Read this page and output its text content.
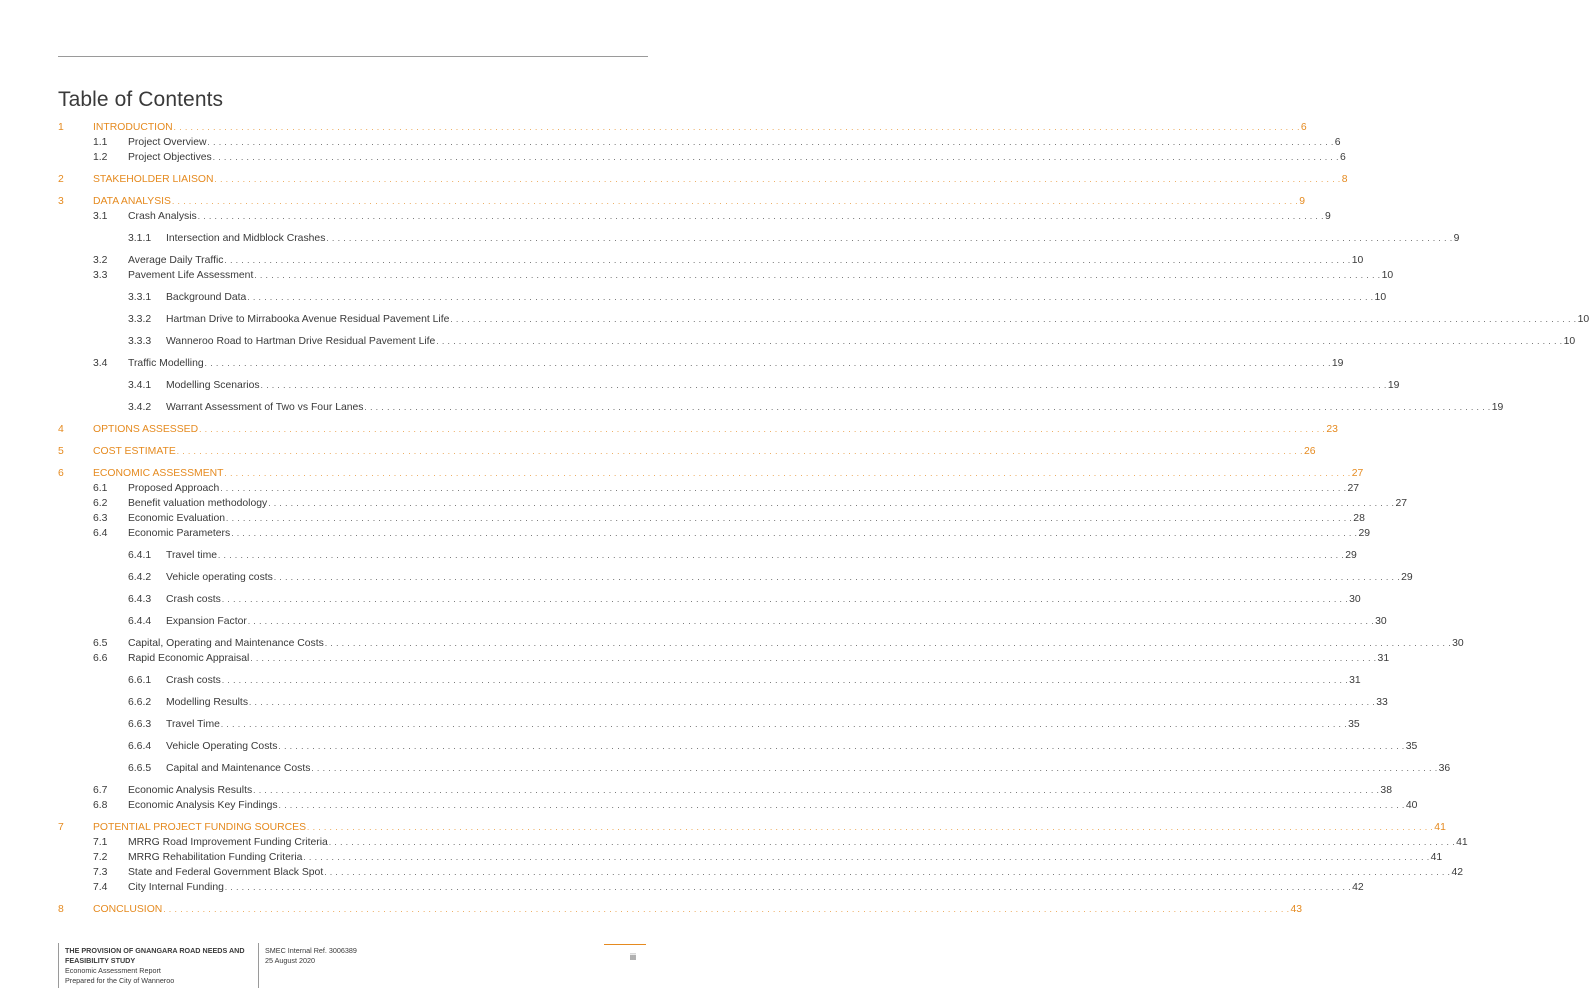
Table of Contents
1	INTRODUCTION . . . . . . . . . . . . . . . . . . . . . . . . . . . . . . . . . . . . . . . . . . . . . . . . . . . . . . . . . . . . . . . . . . . . . . . . . . . . . . . . . . . . . . . . . . . . . . . . . . . . . . . . . . . . . . . . . . . . . . . . . . . . . . . . . . . . . . . . . . . . . . . . . . . . . . . . . . . . . . . . . . . . . . . . . . . . . . . . . . . . . . . . . . . . . . . . . . . . . . . . 6
1.1	Project Overview . . . . . . . . . . . . . . . . . . . . . . . . . . . . . . . . . . . . . . . . . . . . . . . . . . . . . . . . . . . . . . . . . . . . . . . . . . . . . . . . . . . . . . . . . . . . . . . . . . . . . . . . . . . . . . . . . . . . . . . . . . . . . . . . . . . . . . . . . . . . . . . . . . . . . . . . . . . . . . . . . . . . . . . . . . . . . . . . . . . . . . . . . . . . . . . . . . . . . . . . 6
1.2	Project Objectives . . . . . . . . . . . . . . . . . . . . . . . . . . . . . . . . . . . . . . . . . . . . . . . . . . . . . . . . . . . . . . . . . . . . . . . . . . . . . . . . . . . . . . . . . . . . . . . . . . . . . . . . . . . . . . . . . . . . . . . . . . . . . . . . . . . . . . . . . . . . . . . . . . . . . . . . . . . . . . . . . . . . . . . . . . . . . . . . . . . . . . . . . . . . . . . . . . . . . . . . 6
2	STAKEHOLDER LIAISON . . . . . . . . . . . . . . . . . . . . . . . . . . . . . . . . . . . . . . . . . . . . . . . . . . . . . . . . . . . . . . . . . . . . . . . . . . . . . . . . . . . . . . . . . . . . . . . . . . . . . . . . . . . . . . . . . . . . . . . . . . . . . . . . . . . . . . . . . . . . . . . . . . . . . . . . . . . . . . . . . . . . . . . . . . . . . . . . . . . . . . . . . . . . . . . . . . . . . . . . 8
3	DATA ANALYSIS . . . . . . . . . . . . . . . . . . . . . . . . . . . . . . . . . . . . . . . . . . . . . . . . . . . . . . . . . . . . . . . . . . . . . . . . . . . . . . . . . . . . . . . . . . . . . . . . . . . . . . . . . . . . . . . . . . . . . . . . . . . . . . . . . . . . . . . . . . . . . . . . . . . . . . . . . . . . . . . . . . . . . . . . . . . . . . . . . . . . . . . . . . . . . . . . . . . . . . . . 9
3.1	Crash Analysis . . . . . . . . . . . . . . . . . . . . . . . . . . . . . . . . . . . . . . . . . . . . . . . . . . . . . . . . . . . . . . . . . . . . . . . . . . . . . . . . . . . . . . . . . . . . . . . . . . . . . . . . . . . . . . . . . . . . . . . . . . . . . . . . . . . . . . . . . . . . . . . . . . . . . . . . . . . . . . . . . . . . . . . . . . . . . . . . . . . . . . . . . . . . . . . . . . . . . . . . 9
3.1.1	Intersection and Midblock Crashes . . . . . . . . . . . . . . . . . . . . . . . . . . . . . . . . . . . . . . . . . . . . . . . . . . . . . . . . . . . . . . . . . . . . . . . . . . . . . . . . . . . . . . . . . . . . . . . . . . . . . . . . . . . . . . . . . . . . . . . . . . . . . . . . . . . . . . . . . . . . . . . . . . . . . . . . . . . . . . . . . . . . . . . . . . . . . . . . . . . . . . . . . . . . . . . . . . . . . . . . 9
3.2	Average Daily Traffic . . . . . . . . . . . . . . . . . . . . . . . . . . . . . . . . . . . . . . . . . . . . . . . . . . . . . . . . . . . . . . . . . . . . . . . . . . . . . . . . . . . . . . . . . . . . . . . . . . . . . . . . . . . . . . . . . . . . . . . . . . . . . . . . . . . . . . . . . . . . . . . . . . . . . . . . . . . . . . . . . . . . . . . . . . . . . . . . . . . . . . . . . . . . . . . . . . . . . . . . 10
3.3	Pavement Life Assessment . . . . . . . . . . . . . . . . . . . . . . . . . . . . . . . . . . . . . . . . . . . . . . . . . . . . . . . . . . . . . . . . . . . . . . . . . . . . . . . . . . . . . . . . . . . . . . . . . . . . . . . . . . . . . . . . . . . . . . . . . . . . . . . . . . . . . . . . . . . . . . . . . . . . . . . . . . . . . . . . . . . . . . . . . . . . . . . . . . . . . . . . . . . . . . . . . . . . . . . . 10
3.3.1	Background Data . . . . . . . . . . . . . . . . . . . . . . . . . . . . . . . . . . . . . . . . . . . . . . . . . . . . . . . . . . . . . . . . . . . . . . . . . . . . . . . . . . . . . . . . . . . . . . . . . . . . . . . . . . . . . . . . . . . . . . . . . . . . . . . . . . . . . . . . . . . . . . . . . . . . . . . . . . . . . . . . . . . . . . . . . . . . . . . . . . . . . . . . . . . . . . . . . . . . . . . . 10
3.3.2	Hartman Drive to Mirrabooka Avenue Residual Pavement Life . . . . . . . . . . . . . . . . . . . . . . . . . . . . . . . . . . . . . . . . . . . . . . . . . . . . . . . . . . . . . . . . . . . . . . . . . . . . . . . . . . . . . . . . . . . . . . . . . . . . . . . . . . . . . . . . . . . . . . . . . . . . . . . . . . . . . . . . . . . . . . . . . . . . . . . . . . . . . . . . . . . . . . . . . . . . . . . . . . . . . . . . . . . . . . . . . . . . . . . . 10
3.3.3	Wanneroo Road to Hartman Drive Residual Pavement Life . . . . . . . . . . . . . . . . . . . . . . . . . . . . . . . . . . . . . . . . . . . . . . . . . . . . . . . . . . . . . . . . . . . . . . . . . . . . . . . . . . . . . . . . . . . . . . . . . . . . . . . . . . . . . . . . . . . . . . . . . . . . . . . . . . . . . . . . . . . . . . . . . . . . . . . . . . . . . . . . . . . . . . . . . . . . . . . . . . . . . . . . . . . . . . . . . . . . . . . . 10
3.4	Traffic Modelling . . . . . . . . . . . . . . . . . . . . . . . . . . . . . . . . . . . . . . . . . . . . . . . . . . . . . . . . . . . . . . . . . . . . . . . . . . . . . . . . . . . . . . . . . . . . . . . . . . . . . . . . . . . . . . . . . . . . . . . . . . . . . . . . . . . . . . . . . . . . . . . . . . . . . . . . . . . . . . . . . . . . . . . . . . . . . . . . . . . . . . . . . . . . . . . . . . . . . . . . 19
3.4.1	Modelling Scenarios . . . . . . . . . . . . . . . . . . . . . . . . . . . . . . . . . . . . . . . . . . . . . . . . . . . . . . . . . . . . . . . . . . . . . . . . . . . . . . . . . . . . . . . . . . . . . . . . . . . . . . . . . . . . . . . . . . . . . . . . . . . . . . . . . . . . . . . . . . . . . . . . . . . . . . . . . . . . . . . . . . . . . . . . . . . . . . . . . . . . . . . . . . . . . . . . . . . . . . . . 19
3.4.2	Warrant Assessment of Two vs Four Lanes . . . . . . . . . . . . . . . . . . . . . . . . . . . . . . . . . . . . . . . . . . . . . . . . . . . . . . . . . . . . . . . . . . . . . . . . . . . . . . . . . . . . . . . . . . . . . . . . . . . . . . . . . . . . . . . . . . . . . . . . . . . . . . . . . . . . . . . . . . . . . . . . . . . . . . . . . . . . . . . . . . . . . . . . . . . . . . . . . . . . . . . . . . . . . . . . . . . . . . . . 19
4	OPTIONS ASSESSED . . . . . . . . . . . . . . . . . . . . . . . . . . . . . . . . . . . . . . . . . . . . . . . . . . . . . . . . . . . . . . . . . . . . . . . . . . . . . . . . . . . . . . . . . . . . . . . . . . . . . . . . . . . . . . . . . . . . . . . . . . . . . . . . . . . . . . . . . . . . . . . . . . . . . . . . . . . . . . . . . . . . . . . . . . . . . . . . . . . . . . . . . . . . . . . . . . . . . . . . 23
5	COST ESTIMATE . . . . . . . . . . . . . . . . . . . . . . . . . . . . . . . . . . . . . . . . . . . . . . . . . . . . . . . . . . . . . . . . . . . . . . . . . . . . . . . . . . . . . . . . . . . . . . . . . . . . . . . . . . . . . . . . . . . . . . . . . . . . . . . . . . . . . . . . . . . . . . . . . . . . . . . . . . . . . . . . . . . . . . . . . . . . . . . . . . . . . . . . . . . . . . . . . . . . . . . . 26
6	ECONOMIC ASSESSMENT . . . . . . . . . . . . . . . . . . . . . . . . . . . . . . . . . . . . . . . . . . . . . . . . . . . . . . . . . . . . . . . . . . . . . . . . . . . . . . . . . . . . . . . . . . . . . . . . . . . . . . . . . . . . . . . . . . . . . . . . . . . . . . . . . . . . . . . . . . . . . . . . . . . . . . . . . . . . . . . . . . . . . . . . . . . . . . . . . . . . . . . . . . . . . . . . . . . . . . . . 27
6.1	Proposed Approach . . . . . . . . . . . . . . . . . . . . . . . . . . . . . . . . . . . . . . . . . . . . . . . . . . . . . . . . . . . . . . . . . . . . . . . . . . . . . . . . . . . . . . . . . . . . . . . . . . . . . . . . . . . . . . . . . . . . . . . . . . . . . . . . . . . . . . . . . . . . . . . . . . . . . . . . . . . . . . . . . . . . . . . . . . . . . . . . . . . . . . . . . . . . . . . . . . . . . . . . 27
6.2	Benefit valuation methodology . . . . . . . . . . . . . . . . . . . . . . . . . . . . . . . . . . . . . . . . . . . . . . . . . . . . . . . . . . . . . . . . . . . . . . . . . . . . . . . . . . . . . . . . . . . . . . . . . . . . . . . . . . . . . . . . . . . . . . . . . . . . . . . . . . . . . . . . . . . . . . . . . . . . . . . . . . . . . . . . . . . . . . . . . . . . . . . . . . . . . . . . . . . . . . . . . . . . . . . . 27
6.3	Economic Evaluation . . . . . . . . . . . . . . . . . . . . . . . . . . . . . . . . . . . . . . . . . . . . . . . . . . . . . . . . . . . . . . . . . . . . . . . . . . . . . . . . . . . . . . . . . . . . . . . . . . . . . . . . . . . . . . . . . . . . . . . . . . . . . . . . . . . . . . . . . . . . . . . . . . . . . . . . . . . . . . . . . . . . . . . . . . . . . . . . . . . . . . . . . . . . . . . . . . . . . . . . 28
6.4	Economic Parameters . . . . . . . . . . . . . . . . . . . . . . . . . . . . . . . . . . . . . . . . . . . . . . . . . . . . . . . . . . . . . . . . . . . . . . . . . . . . . . . . . . . . . . . . . . . . . . . . . . . . . . . . . . . . . . . . . . . . . . . . . . . . . . . . . . . . . . . . . . . . . . . . . . . . . . . . . . . . . . . . . . . . . . . . . . . . . . . . . . . . . . . . . . . . . . . . . . . . . . . . 29
6.4.1	Travel time . . . . . . . . . . . . . . . . . . . . . . . . . . . . . . . . . . . . . . . . . . . . . . . . . . . . . . . . . . . . . . . . . . . . . . . . . . . . . . . . . . . . . . . . . . . . . . . . . . . . . . . . . . . . . . . . . . . . . . . . . . . . . . . . . . . . . . . . . . . . . . . . . . . . . . . . . . . . . . . . . . . . . . . . . . . . . . . . . . . . . . . . . . . . . . . . . . . . . . . . 29
6.4.2	Vehicle operating costs . . . . . . . . . . . . . . . . . . . . . . . . . . . . . . . . . . . . . . . . . . . . . . . . . . . . . . . . . . . . . . . . . . . . . . . . . . . . . . . . . . . . . . . . . . . . . . . . . . . . . . . . . . . . . . . . . . . . . . . . . . . . . . . . . . . . . . . . . . . . . . . . . . . . . . . . . . . . . . . . . . . . . . . . . . . . . . . . . . . . . . . . . . . . . . . . . . . . . . . . 29
6.4.3	Crash costs . . . . . . . . . . . . . . . . . . . . . . . . . . . . . . . . . . . . . . . . . . . . . . . . . . . . . . . . . . . . . . . . . . . . . . . . . . . . . . . . . . . . . . . . . . . . . . . . . . . . . . . . . . . . . . . . . . . . . . . . . . . . . . . . . . . . . . . . . . . . . . . . . . . . . . . . . . . . . . . . . . . . . . . . . . . . . . . . . . . . . . . . . . . . . . . . . . . . . . . . 30
6.4.4	Expansion Factor . . . . . . . . . . . . . . . . . . . . . . . . . . . . . . . . . . . . . . . . . . . . . . . . . . . . . . . . . . . . . . . . . . . . . . . . . . . . . . . . . . . . . . . . . . . . . . . . . . . . . . . . . . . . . . . . . . . . . . . . . . . . . . . . . . . . . . . . . . . . . . . . . . . . . . . . . . . . . . . . . . . . . . . . . . . . . . . . . . . . . . . . . . . . . . . . . . . . . . . . 30
6.5	Capital, Operating and Maintenance Costs . . . . . . . . . . . . . . . . . . . . . . . . . . . . . . . . . . . . . . . . . . . . . . . . . . . . . . . . . . . . . . . . . . . . . . . . . . . . . . . . . . . . . . . . . . . . . . . . . . . . . . . . . . . . . . . . . . . . . . . . . . . . . . . . . . . . . . . . . . . . . . . . . . . . . . . . . . . . . . . . . . . . . . . . . . . . . . . . . . . . . . . . . . . . . . . . . . . . . . . . 30
6.6	Rapid Economic Appraisal . . . . . . . . . . . . . . . . . . . . . . . . . . . . . . . . . . . . . . . . . . . . . . . . . . . . . . . . . . . . . . . . . . . . . . . . . . . . . . . . . . . . . . . . . . . . . . . . . . . . . . . . . . . . . . . . . . . . . . . . . . . . . . . . . . . . . . . . . . . . . . . . . . . . . . . . . . . . . . . . . . . . . . . . . . . . . . . . . . . . . . . . . . . . . . . . . . . . . . . . 31
6.6.1	Crash costs . . . . . . . . . . . . . . . . . . . . . . . . . . . . . . . . . . . . . . . . . . . . . . . . . . . . . . . . . . . . . . . . . . . . . . . . . . . . . . . . . . . . . . . . . . . . . . . . . . . . . . . . . . . . . . . . . . . . . . . . . . . . . . . . . . . . . . . . . . . . . . . . . . . . . . . . . . . . . . . . . . . . . . . . . . . . . . . . . . . . . . . . . . . . . . . . . . . . . . . . 31
6.6.2	Modelling Results . . . . . . . . . . . . . . . . . . . . . . . . . . . . . . . . . . . . . . . . . . . . . . . . . . . . . . . . . . . . . . . . . . . . . . . . . . . . . . . . . . . . . . . . . . . . . . . . . . . . . . . . . . . . . . . . . . . . . . . . . . . . . . . . . . . . . . . . . . . . . . . . . . . . . . . . . . . . . . . . . . . . . . . . . . . . . . . . . . . . . . . . . . . . . . . . . . . . . . . . 33
6.6.3	Travel Time . . . . . . . . . . . . . . . . . . . . . . . . . . . . . . . . . . . . . . . . . . . . . . . . . . . . . . . . . . . . . . . . . . . . . . . . . . . . . . . . . . . . . . . . . . . . . . . . . . . . . . . . . . . . . . . . . . . . . . . . . . . . . . . . . . . . . . . . . . . . . . . . . . . . . . . . . . . . . . . . . . . . . . . . . . . . . . . . . . . . . . . . . . . . . . . . . . . . . . . . 35
6.6.4	Vehicle Operating Costs . . . . . . . . . . . . . . . . . . . . . . . . . . . . . . . . . . . . . . . . . . . . . . . . . . . . . . . . . . . . . . . . . . . . . . . . . . . . . . . . . . . . . . . . . . . . . . . . . . . . . . . . . . . . . . . . . . . . . . . . . . . . . . . . . . . . . . . . . . . . . . . . . . . . . . . . . . . . . . . . . . . . . . . . . . . . . . . . . . . . . . . . . . . . . . . . . . . . . . . . 35
6.6.5	Capital and Maintenance Costs . . . . . . . . . . . . . . . . . . . . . . . . . . . . . . . . . . . . . . . . . . . . . . . . . . . . . . . . . . . . . . . . . . . . . . . . . . . . . . . . . . . . . . . . . . . . . . . . . . . . . . . . . . . . . . . . . . . . . . . . . . . . . . . . . . . . . . . . . . . . . . . . . . . . . . . . . . . . . . . . . . . . . . . . . . . . . . . . . . . . . . . . . . . . . . . . . . . . . . . . 36
6.7	Economic Analysis Results . . . . . . . . . . . . . . . . . . . . . . . . . . . . . . . . . . . . . . . . . . . . . . . . . . . . . . . . . . . . . . . . . . . . . . . . . . . . . . . . . . . . . . . . . . . . . . . . . . . . . . . . . . . . . . . . . . . . . . . . . . . . . . . . . . . . . . . . . . . . . . . . . . . . . . . . . . . . . . . . . . . . . . . . . . . . . . . . . . . . . . . . . . . . . . . . . . . . . . . . 38
6.8	Economic Analysis Key Findings . . . . . . . . . . . . . . . . . . . . . . . . . . . . . . . . . . . . . . . . . . . . . . . . . . . . . . . . . . . . . . . . . . . . . . . . . . . . . . . . . . . . . . . . . . . . . . . . . . . . . . . . . . . . . . . . . . . . . . . . . . . . . . . . . . . . . . . . . . . . . . . . . . . . . . . . . . . . . . . . . . . . . . . . . . . . . . . . . . . . . . . . . . . . . . . . . . . . . . . . 40
7	POTENTIAL PROJECT FUNDING SOURCES . . . . . . . . . . . . . . . . . . . . . . . . . . . . . . . . . . . . . . . . . . . . . . . . . . . . . . . . . . . . . . . . . . . . . . . . . . . . . . . . . . . . . . . . . . . . . . . . . . . . . . . . . . . . . . . . . . . . . . . . . . . . . . . . . . . . . . . . . . . . . . . . . . . . . . . . . . . . . . . . . . . . . . . . . . . . . . . . . . . . . . . . . . . . . . . . . . . . . . . . 41
7.1	MRRG Road Improvement Funding Criteria . . . . . . . . . . . . . . . . . . . . . . . . . . . . . . . . . . . . . . . . . . . . . . . . . . . . . . . . . . . . . . . . . . . . . . . . . . . . . . . . . . . . . . . . . . . . . . . . . . . . . . . . . . . . . . . . . . . . . . . . . . . . . . . . . . . . . . . . . . . . . . . . . . . . . . . . . . . . . . . . . . . . . . . . . . . . . . . . . . . . . . . . . . . . . . . . . . . . . . . . 41
7.2	MRRG Rehabilitation Funding Criteria . . . . . . . . . . . . . . . . . . . . . . . . . . . . . . . . . . . . . . . . . . . . . . . . . . . . . . . . . . . . . . . . . . . . . . . . . . . . . . . . . . . . . . . . . . . . . . . . . . . . . . . . . . . . . . . . . . . . . . . . . . . . . . . . . . . . . . . . . . . . . . . . . . . . . . . . . . . . . . . . . . . . . . . . . . . . . . . . . . . . . . . . . . . . . . . . . . . . . . . . 41
7.3	State and Federal Government Black Spot . . . . . . . . . . . . . . . . . . . . . . . . . . . . . . . . . . . . . . . . . . . . . . . . . . . . . . . . . . . . . . . . . . . . . . . . . . . . . . . . . . . . . . . . . . . . . . . . . . . . . . . . . . . . . . . . . . . . . . . . . . . . . . . . . . . . . . . . . . . . . . . . . . . . . . . . . . . . . . . . . . . . . . . . . . . . . . . . . . . . . . . . . . . . . . . . . . . . . . . . 42
7.4	City Internal Funding . . . . . . . . . . . . . . . . . . . . . . . . . . . . . . . . . . . . . . . . . . . . . . . . . . . . . . . . . . . . . . . . . . . . . . . . . . . . . . . . . . . . . . . . . . . . . . . . . . . . . . . . . . . . . . . . . . . . . . . . . . . . . . . . . . . . . . . . . . . . . . . . . . . . . . . . . . . . . . . . . . . . . . . . . . . . . . . . . . . . . . . . . . . . . . . . . . . . . . . . 42
8	CONCLUSION . . . . . . . . . . . . . . . . . . . . . . . . . . . . . . . . . . . . . . . . . . . . . . . . . . . . . . . . . . . . . . . . . . . . . . . . . . . . . . . . . . . . . . . . . . . . . . . . . . . . . . . . . . . . . . . . . . . . . . . . . . . . . . . . . . . . . . . . . . . . . . . . . . . . . . . . . . . . . . . . . . . . . . . . . . . . . . . . . . . . . . . . . . . . . . . . . . . . . . . . 43
THE PROVISION OF GNANGARA ROAD NEEDS AND
FEASIBILITY STUDY
Economic Assessment Report
Prepared for the City of Wanneroo
SMEC Internal Ref. 3006389
25 August 2020	iii
